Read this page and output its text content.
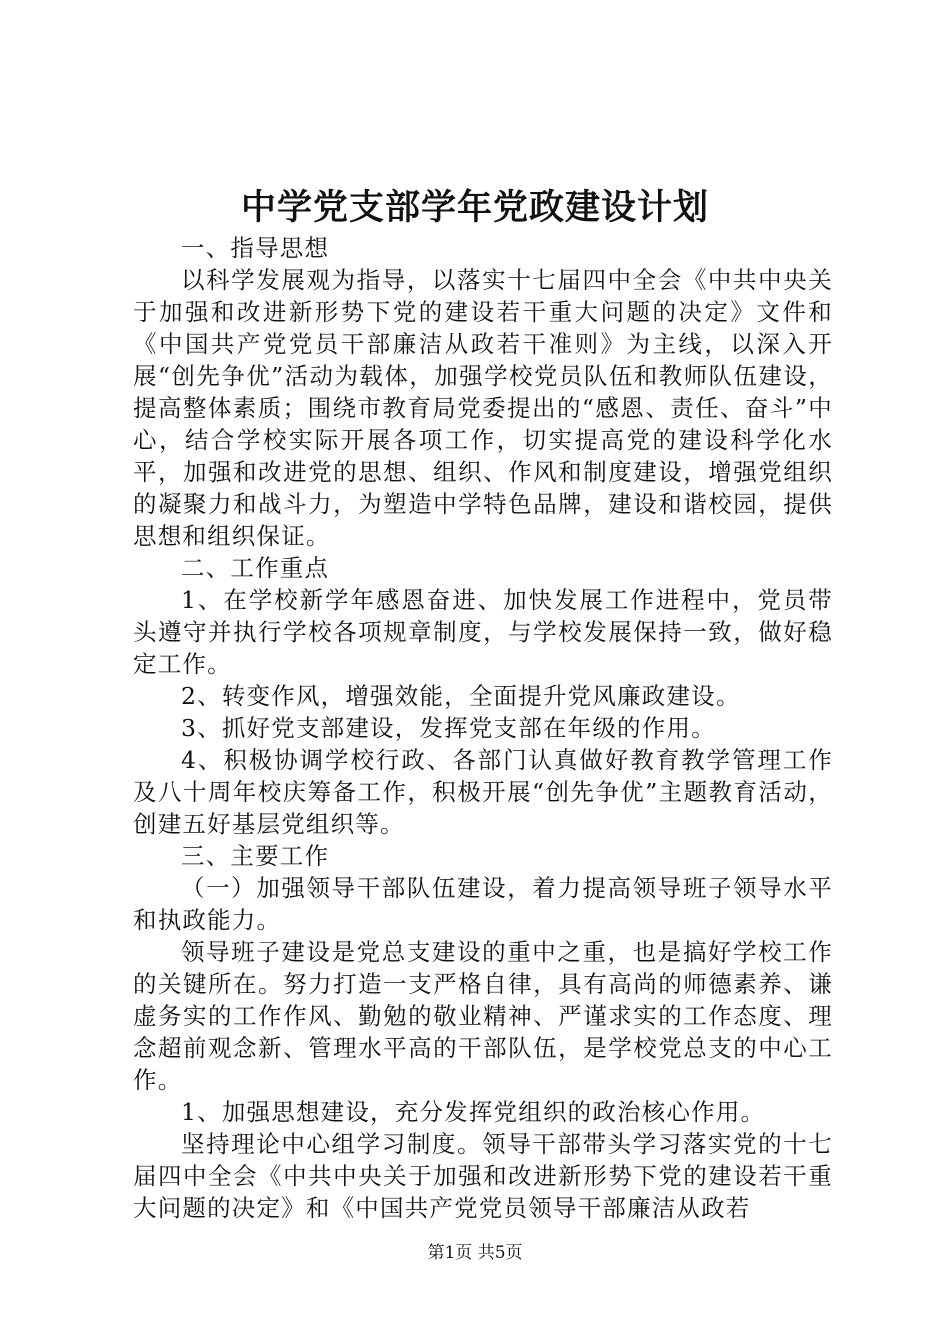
中学党支部学年党政建设计划

一、指导思想

以科学发展观为指导，以落实十七届四中全会《中共中央关于加强和改进新形势下党的建设若干重大问题的决定》文件和《中国共产党党员干部廉洁从政若干准则》为主线，以深入开展“创先争优”活动为载体，加强学校党员队伍和教师队伍建设，提高整体素质；围绕市教育局党委提出的“感恩、责任、奋斗”中心，结合学校实际开展各项工作，切实提高党的建设科学化水平，加强和改进党的思想、组织、作风和制度建设，增强党组织的凝聚力和战斗力，为塑造中学特色品牌，建设和谐校园，提供思想和组织保证。

二、工作重点

1、在学校新学年感恩奋进、加快发展工作进程中，党员带头遵守并执行学校各项规章制度，与学校发展保持一致，做好稳定工作。

2、转变作风，增强效能，全面提升党风廉政建设。

3、抓好党支部建设，发挥党支部在年级的作用。

4、积极协调学校行政、各部门认真做好教育教学管理工作及八十周年校庆筹备工作，积极开展“创先争优”主题教育活动，创建五好基层党组织等。

三、主要工作

（一）加强领导干部队伍建设，着力提高领导班子领导水平和执政能力。

领导班子建设是党总支建设的重中之重，也是搞好学校工作的关键所在。努力打造一支严格自律，具有高尚的师德素养、谦虚务实的工作作风、勤勉的敬业精神、严谨求实的工作态度、理念超前观念新、管理水平高的干部队伍，是学校党总支的中心工作。

1、加强思想建设，充分发挥党组织的政治核心作用。

坚持理论中心组学习制度。领导干部带头学习落实党的十七届四中全会《中共中央关于加强和改进新形势下党的建设若干重大问题的决定》和《中国共产党党员领导干部廉洁从政若

第1页 共5页
